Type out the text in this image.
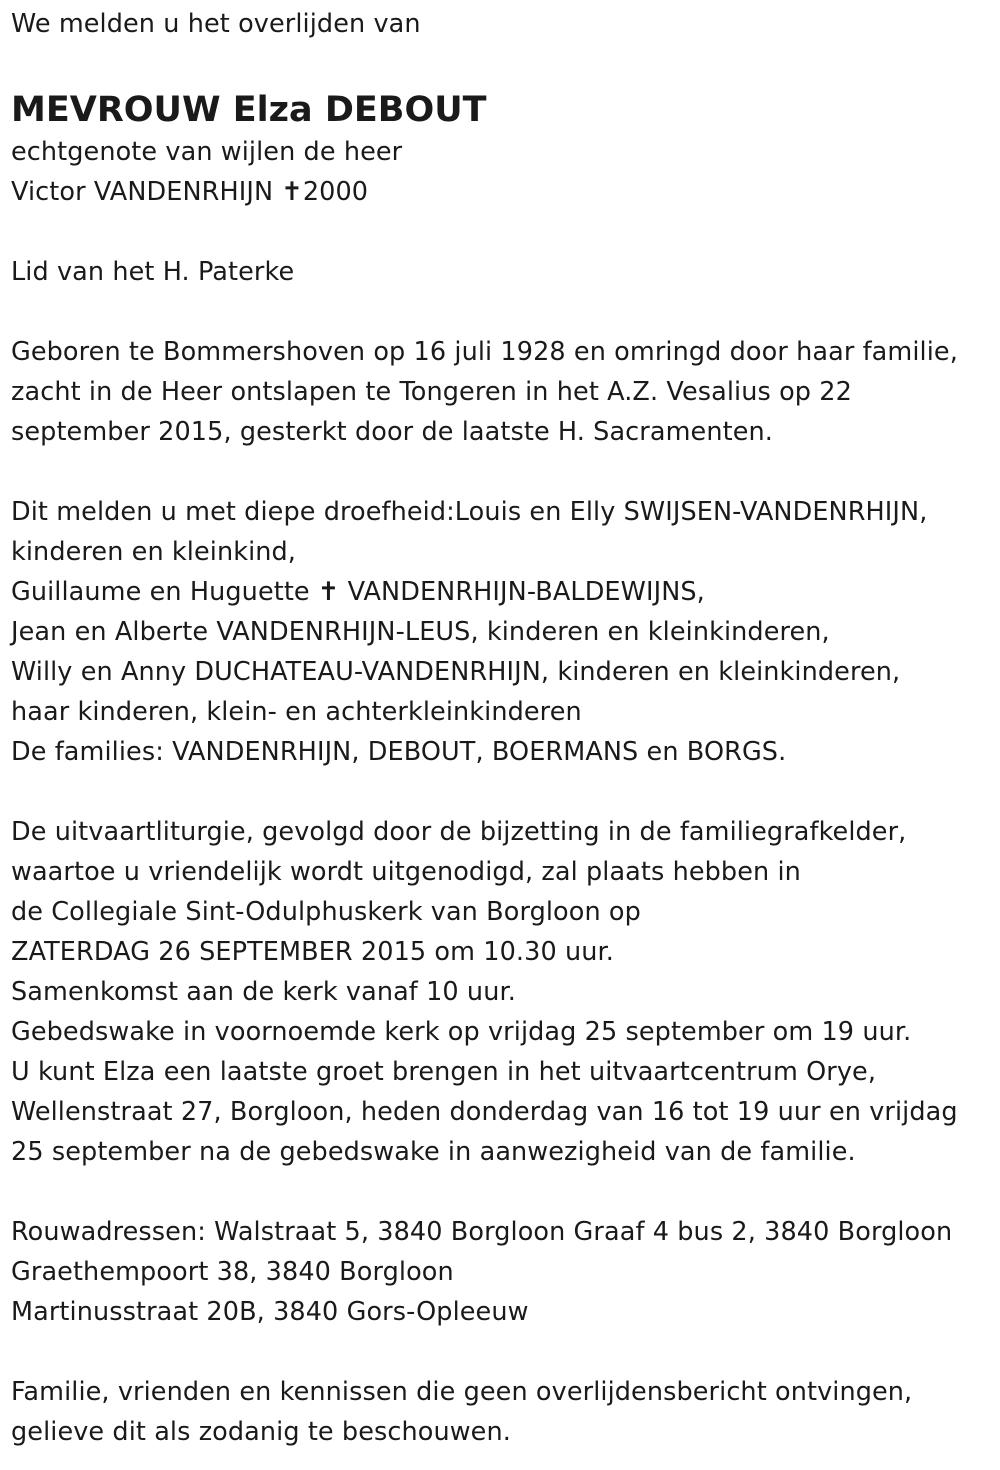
We melden u het overlijden van
MEVROUW Elza DEBOUT
echtgenote van wijlen de heer
Victor VANDENRHIJN ✝2000
Lid van het H. Paterke
Geboren te Bommershoven op 16 juli 1928 en omringd door haar familie,
zacht in de Heer ontslapen te Tongeren in het A.Z. Vesalius op 22
september 2015, gesterkt door de laatste H. Sacramenten.
Dit melden u met diepe droefheid:Louis en Elly SWIJSEN-VANDENRHIJN,
kinderen en kleinkind,
Guillaume en Huguette ✝ VANDENRHIJN-BALDEWIJNS,
Jean en Alberte VANDENRHIJN-LEUS, kinderen en kleinkinderen,
Willy en Anny DUCHATEAU-VANDENRHIJN, kinderen en kleinkinderen,
haar kinderen, klein- en achterkleinkinderen
De families: VANDENRHIJN, DEBOUT, BOERMANS en BORGS.
De uitvaartliturgie, gevolgd door de bijzetting in de familiegrafkelder,
waartoe u vriendelijk wordt uitgenodigd, zal plaats hebben in
de Collegiale Sint-Odulphuskerk van Borgloon op
ZATERDAG 26 SEPTEMBER 2015 om 10.30 uur.
Samenkomst aan de kerk vanaf 10 uur.
Gebedswake in voornoemde kerk op vrijdag 25 september om 19 uur.
U kunt Elza een laatste groet brengen in het uitvaartcentrum Orye,
Wellenstraat 27, Borgloon, heden donderdag van 16 tot 19 uur en vrijdag
25 september na de gebedswake in aanwezigheid van de familie.
Rouwadressen: Walstraat 5, 3840 Borgloon Graaf 4 bus 2, 3840 Borgloon
Graethempoort 38, 3840 Borgloon
Martinusstraat 20B, 3840 Gors-Opleeuw
Familie, vrienden en kennissen die geen overlijdensbericht ontvingen,
gelieve dit als zodanig te beschouwen.
